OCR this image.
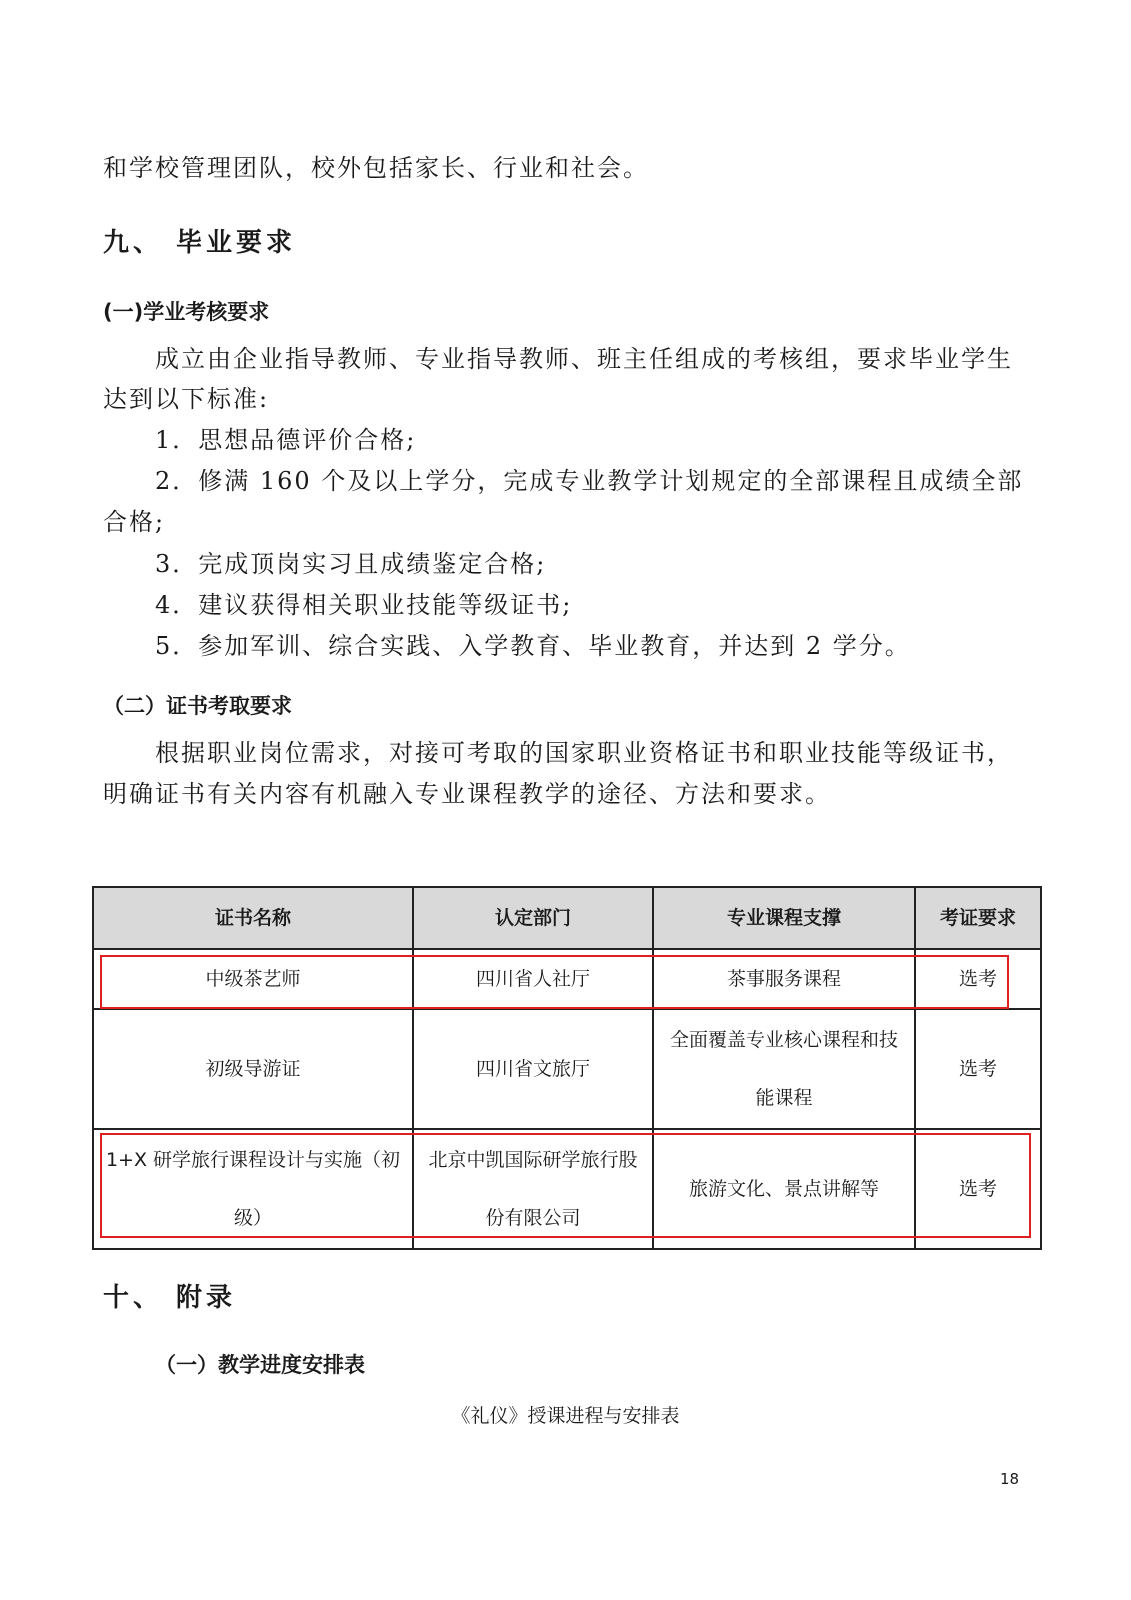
和学校管理团队，校外包括家长、行业和社会。

九、 毕业要求
(一)学业考核要求

成立由企业指导教师、专业指导教师、班主任组成的考核组，要求毕业学生

达到以下标准:

1．思想品德评价合格;

2．修满 160 个及以上学分，完成专业教学计划规定的全部课程且成绩全部

合格;

3．完成顶岗实习且成绩鉴定合格;

4．建议获得相关职业技能等级证书;

5．参加军训、综合实践、入学教育、毕业教育，并达到 2 学分。

（二）证书考取要求

根据职业岗位需求，对接可考取的国家职业资格证书和职业技能等级证书，

明确证书有关内容有机融入专业课程教学的途径、方法和要求。

证书名称	认定部门	专业课程支撑	考证要求
中级茶艺师	四川省人社厅	茶事服务课程	选考
初级导游证	四川省文旅厅	全面覆盖专业核心课程和技能课程	选考
1+X 研学旅行课程设计与实施（初级）	北京中凯国际研学旅行股份有限公司	旅游文化、景点讲解等	选考
十、 附录
（一）教学进度安排表
《礼仪》授课进程与安排表
18
